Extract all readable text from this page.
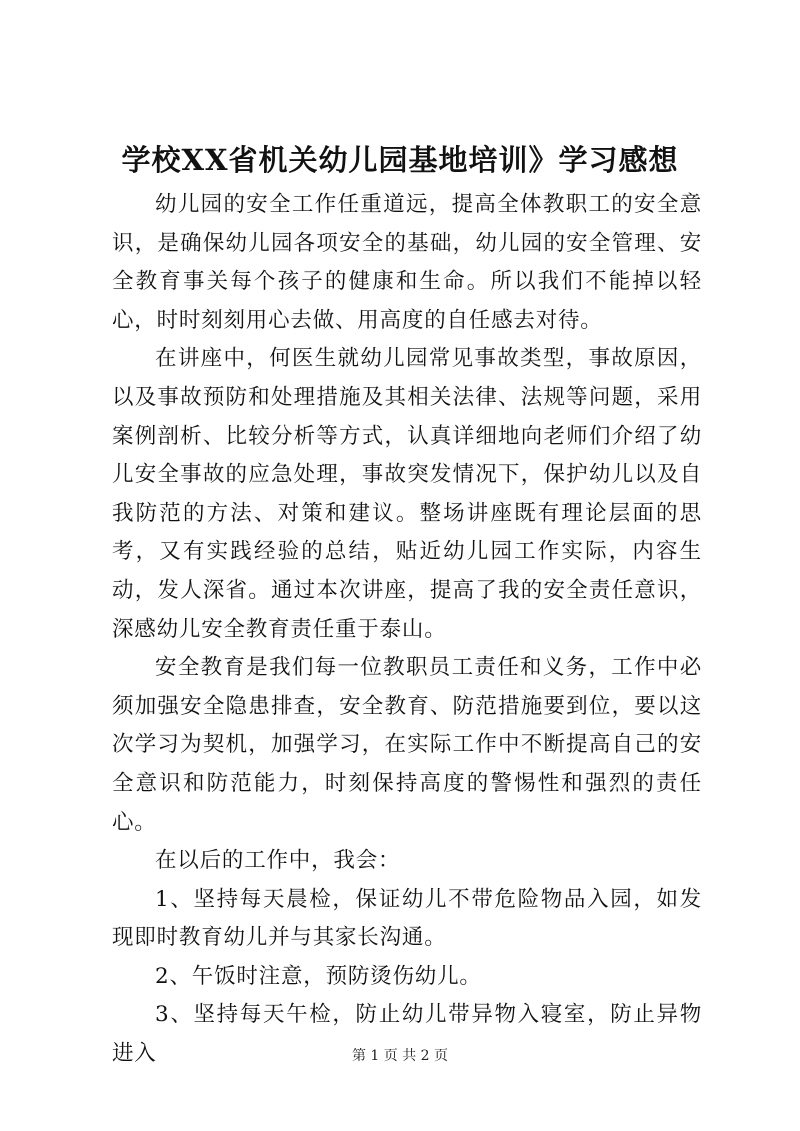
学校XX省机关幼儿园基地培训》学习感想

幼儿园的安全工作任重道远，提高全体教职工的安全意识，是确保幼儿园各项安全的基础，幼儿园的安全管理、安全教育事关每个孩子的健康和生命。所以我们不能掉以轻心，时时刻刻用心去做、用高度的自任感去对待。

在讲座中，何医生就幼儿园常见事故类型，事故原因，以及事故预防和处理措施及其相关法律、法规等问题，采用案例剖析、比较分析等方式，认真详细地向老师们介绍了幼儿安全事故的应急处理，事故突发情况下，保护幼儿以及自我防范的方法、对策和建议。整场讲座既有理论层面的思考，又有实践经验的总结，贴近幼儿园工作实际，内容生动，发人深省。通过本次讲座，提高了我的安全责任意识，深感幼儿安全教育责任重于泰山。

安全教育是我们每一位教职员工责任和义务，工作中必须加强安全隐患排查，安全教育、防范措施要到位，要以这次学习为契机，加强学习，在实际工作中不断提高自己的安全意识和防范能力，时刻保持高度的警惕性和强烈的责任心。

在以后的工作中，我会：

1、坚持每天晨检，保证幼儿不带危险物品入园，如发现即时教育幼儿并与其家长沟通。

2、午饭时注意，预防烫伤幼儿。

3、坚持每天午检，防止幼儿带异物入寝室，防止异物进入	第 1 页 共 2 页
